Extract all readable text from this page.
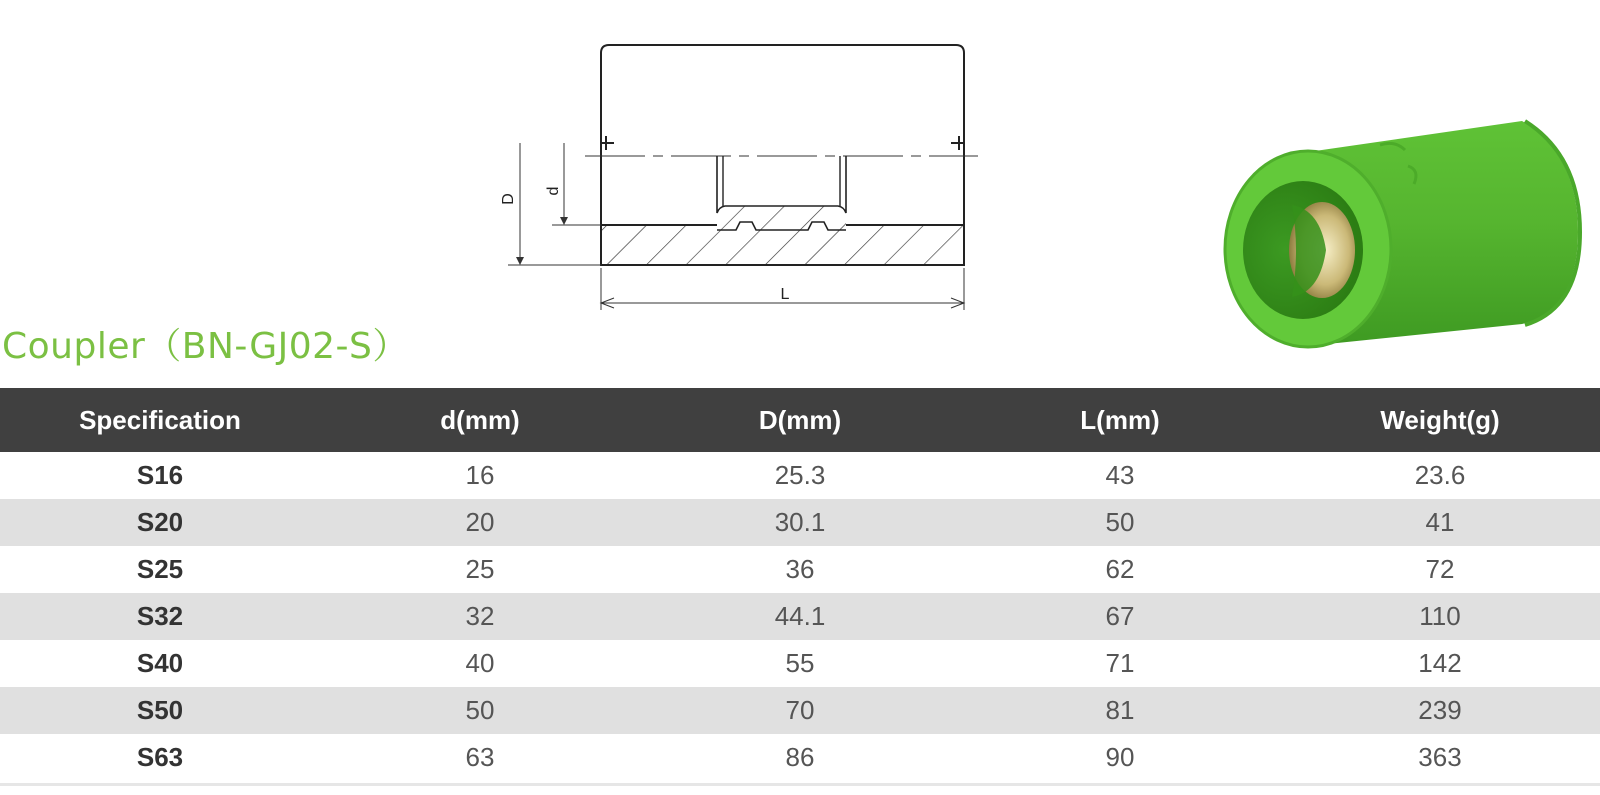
D
d
L
Coupler（BN-GJ02-S）
Specification	d(mm)	D(mm)	L(mm)	Weight(g)
S16	16	25.3	43	23.6
S20	20	30.1	50	41
S25	25	36	62	72
S32	32	44.1	67	110
S40	40	55	71	142
S50	50	70	81	239
S63	63	86	90	363
